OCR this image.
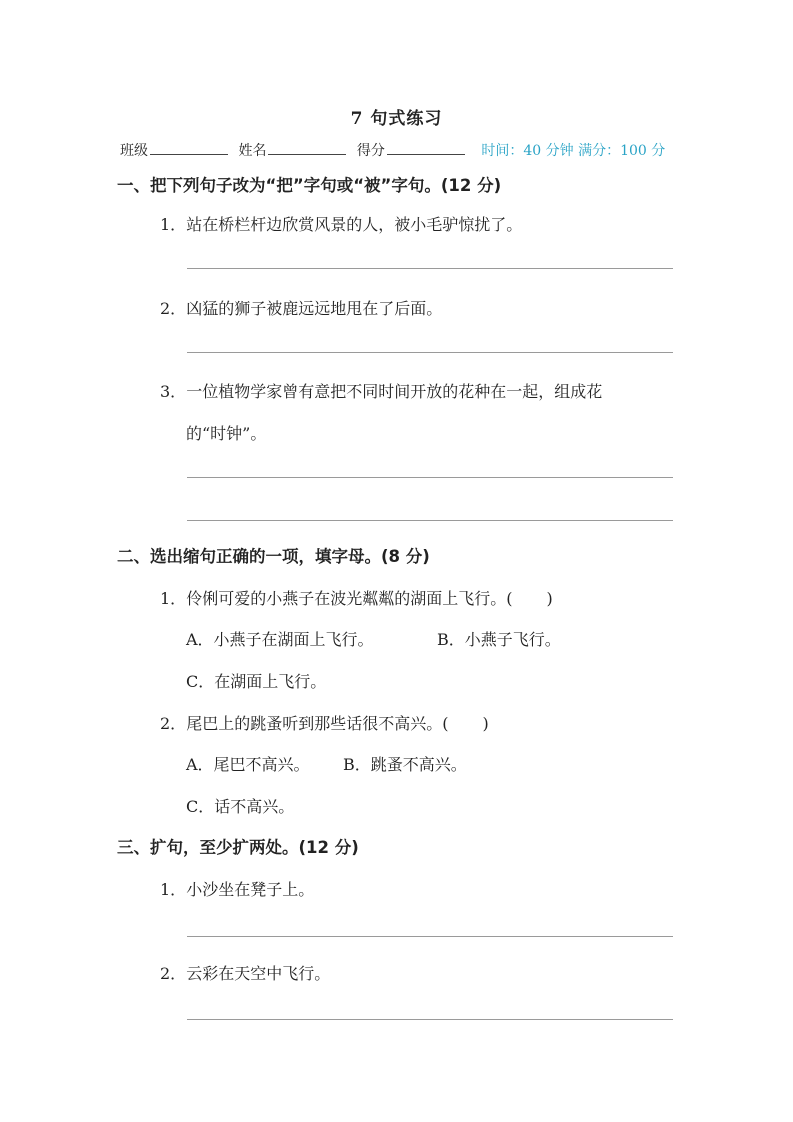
7 句式练习
班级	姓名	得分	时间：40 分钟 满分：100 分
一、把下列句子改为“把”字句或“被”字句。(12 分)
1．站在桥栏杆边欣赏风景的人，被小毛驴惊扰了。
2．凶猛的狮子被鹿远远地甩在了后面。
3．一位植物学家曾有意把不同时间开放的花种在一起，组成花
的“时钟”。
二、选出缩句正确的一项，填字母。(8 分)
1．伶俐可爱的小燕子在波光粼粼的湖面上飞行。( )
A．小燕子在湖面上飞行。	B．小燕子飞行。
C．在湖面上飞行。
2．尾巴上的跳蚤听到那些话很不高兴。( )
A．尾巴不高兴。 B．跳蚤不高兴。
C．话不高兴。
三、扩句，至少扩两处。(12 分)
1．小沙坐在凳子上。
2．云彩在天空中飞行。
